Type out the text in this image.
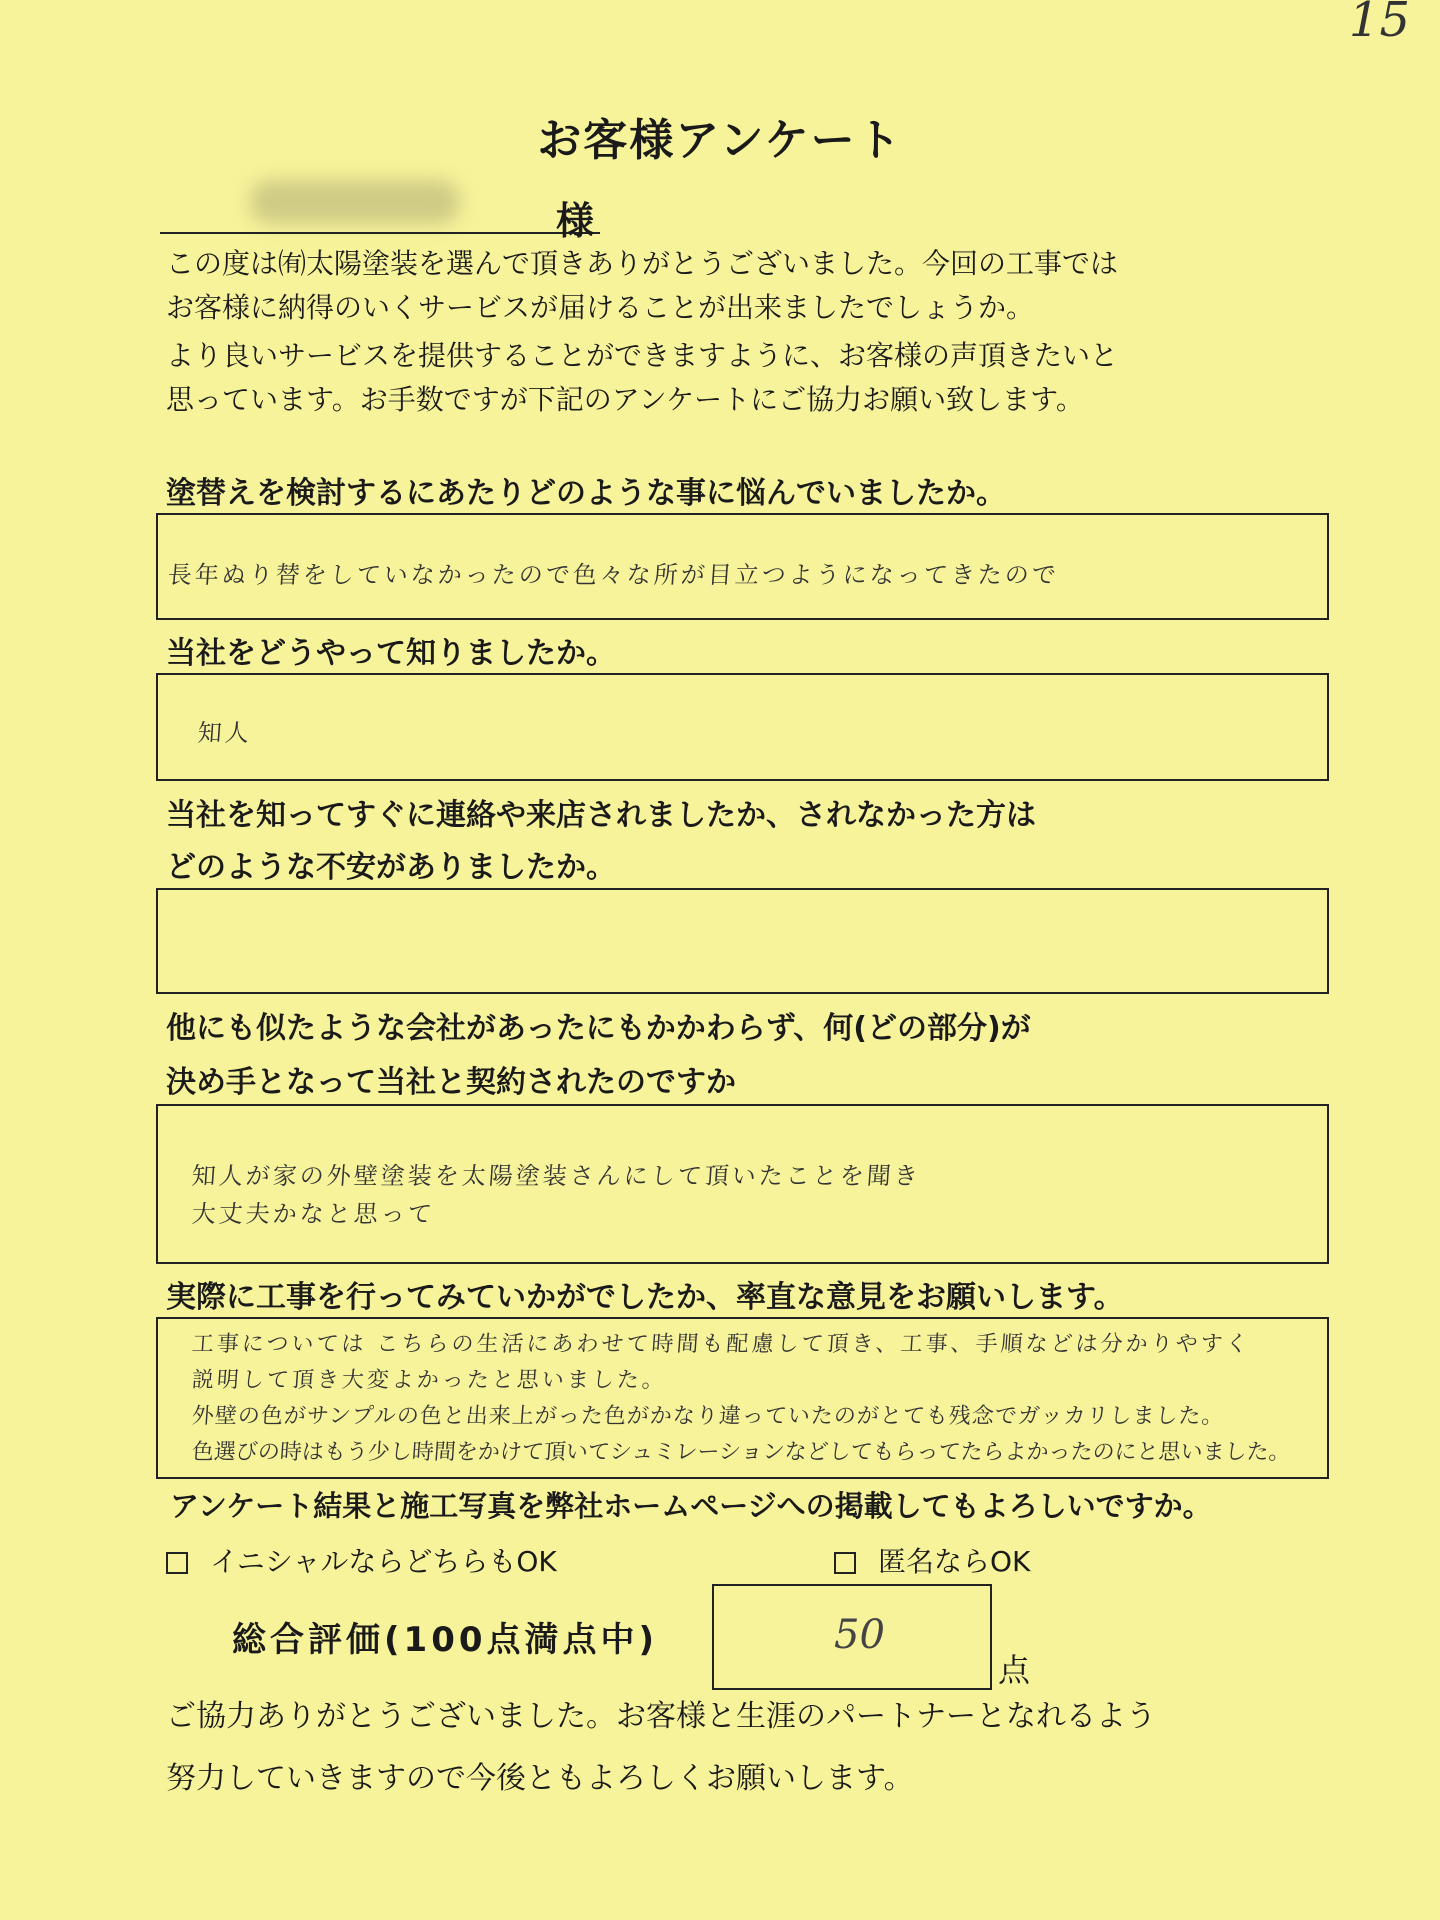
15
お客様アンケート
様
この度は㈲太陽塗装を選んで頂きありがとうございました。今回の工事では
お客様に納得のいくサービスが届けることが出来ましたでしょうか。
より良いサービスを提供することができますように、お客様の声頂きたいと
思っています。お手数ですが下記のアンケートにご協力お願い致します。
塗替えを検討するにあたりどのような事に悩んでいましたか。
長年ぬり替をしていなかったので色々な所が目立つようになってきたので
当社をどうやって知りましたか。
知人
当社を知ってすぐに連絡や来店されましたか、されなかった方は
どのような不安がありましたか。
他にも似たような会社があったにもかかわらず、何(どの部分)が
決め手となって当社と契約されたのですか
知人が家の外壁塗装を太陽塗装さんにして頂いたことを聞き
大丈夫かなと思って
実際に工事を行ってみていかがでしたか、率直な意見をお願いします。
工事については こちらの生活にあわせて時間も配慮して頂き、工事、手順などは分かりやすく
説明して頂き大変よかったと思いました。
外壁の色がサンプルの色と出来上がった色がかなり違っていたのがとても残念でガッカリしました。
色選びの時はもう少し時間をかけて頂いてシュミレーションなどしてもらってたらよかったのにと思いました。
アンケート結果と施工写真を弊社ホームページへの掲載してもよろしいですか。
イニシャルならどちらもOK	匿名ならOK
総合評価(100点満点中)	50
点
ご協力ありがとうございました。お客様と生涯のパートナーとなれるよう
努力していきますので今後ともよろしくお願いします。
